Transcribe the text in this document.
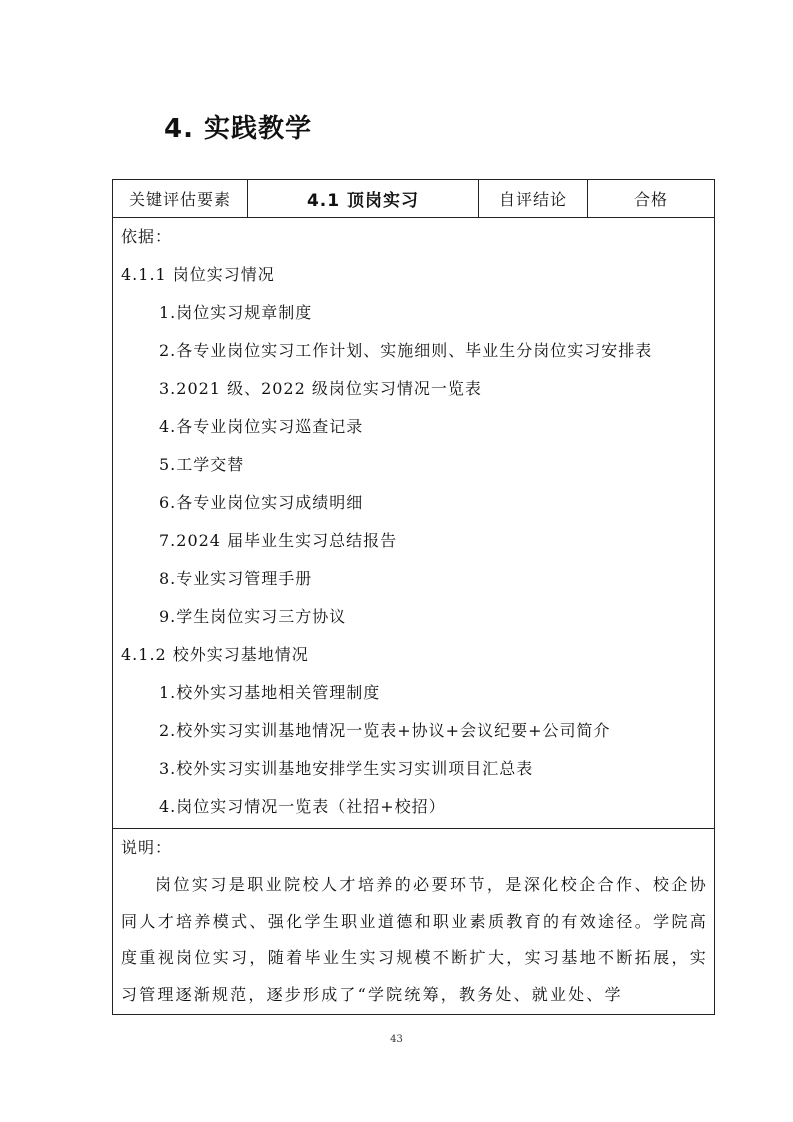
4. 实践教学
关键评估要素	4.1 顶岗实习	自评结论	合格

依据：
4.1.1 岗位实习情况
1.岗位实习规章制度
2.各专业岗位实习工作计划、实施细则、毕业生分岗位实习安排表
3.2021 级、2022 级岗位实习情况一览表
4.各专业岗位实习巡查记录
5.工学交替
6.各专业岗位实习成绩明细
7.2024 届毕业生实习总结报告
8.专业实习管理手册
9.学生岗位实习三方协议
4.1.2 校外实习基地情况
1.校外实习基地相关管理制度
2.校外实习实训基地情况一览表+协议+会议纪要+公司简介
3.校外实习实训基地安排学生实习实训项目汇总表
4.岗位实习情况一览表（社招+校招）

说明：

岗位实习是职业院校人才培养的必要环节，是深化校企合作、校企协同人才培养模式、强化学生职业道德和职业素质教育的有效途径。学院高度重视岗位实习，随着毕业生实习规模不断扩大，实习基地不断拓展，实习管理逐渐规范，逐步形成了“学院统筹，教务处、就业处、学

43
